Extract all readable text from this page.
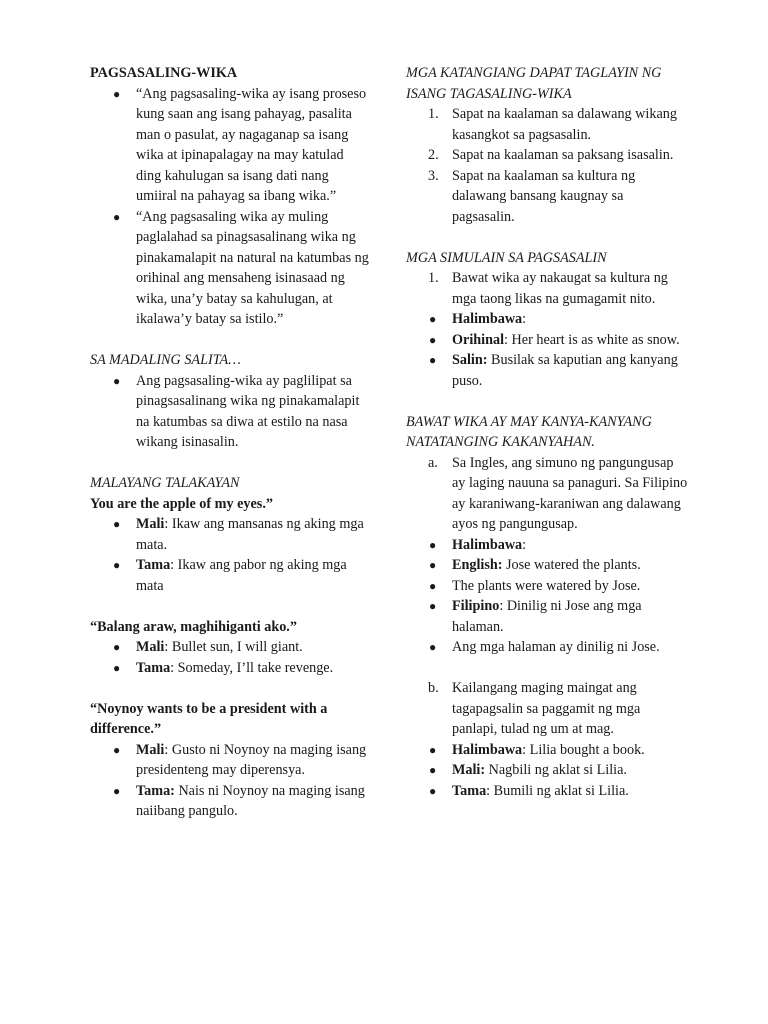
PAGSASALING-WIKA

●	“Ang pagsasaling-wika ay isang proseso kung saan ang isang pahayag, pasalita man o pasulat, ay nagaganap sa isang wika at ipinapalagay na may katulad ding kahulugan sa isang dati nang umiiral na pahayag sa ibang wika.”
●	“Ang pagsasaling wika ay muling paglalahad sa pinagsasalinang wika ng pinakamalapit na natural na katumbas ng orihinal ang mensaheng isinasaad ng wika, una’y batay sa kahulugan, at ikalawa’y batay sa istilo.”

SA MADALING SALITA…

●	Ang pagsasaling-wika ay paglilipat sa pinagsasalinang wika ng pinakamalapit na katumbas sa diwa at estilo na nasa wikang isinasalin.

MALAYANG TALAKAYAN

You are the apple of my eyes.”

●	Mali: Ikaw ang mansanas ng aking mga mata.
●	Tama: Ikaw ang pabor ng aking mga mata

“Balang araw, maghihiganti ako.”

●	Mali: Bullet sun, I will giant.
●	Tama: Someday, I’ll take revenge.

“Noynoy wants to be a president with a difference.”

●	Mali: Gusto ni Noynoy na maging isang presidenteng may diperensya.
●	Tama: Nais ni Noynoy na maging isang naiibang pangulo.

MGA KATANGIANG DAPAT TAGLAYIN NG ISANG TAGASALING-WIKA

1. Sapat na kaalaman sa dalawang wikang kasangkot sa pagsasalin.
2. Sapat na kaalaman sa paksang isasalin.
3. Sapat na kaalaman sa kultura ng dalawang bansang kaugnay sa pagsasalin.

MGA SIMULAIN SA PAGSASALIN

1. Bawat wika ay nakaugat sa kultura ng mga taong likas na gumagamit nito.
●	Halimbawa:
●	Orihinal: Her heart is as white as snow.
●	Salin: Busilak sa kaputian ang kanyang puso.

BAWAT WIKA AY MAY KANYA-KANYANG NATATANGING KAKANYAHAN.

a. Sa Ingles, ang simuno ng pangungusap ay laging nauuna sa panaguri. Sa Filipino ay karaniwang-karaniwan ang dalawang ayos ng pangungusap.
●	Halimbawa:
●	English: Jose watered the plants.
●	The plants were watered by Jose.
●	Filipino: Dinilig ni Jose ang mga halaman.
●	Ang mga halaman ay dinilig ni Jose.
b. Kailangang maging maingat ang tagapagsalin sa paggamit ng mga panlapi, tulad ng um at mag.
●	Halimbawa: Lilia bought a book.
●	Mali: Nagbili ng aklat si Lilia.
●	Tama: Bumili ng aklat si Lilia.
